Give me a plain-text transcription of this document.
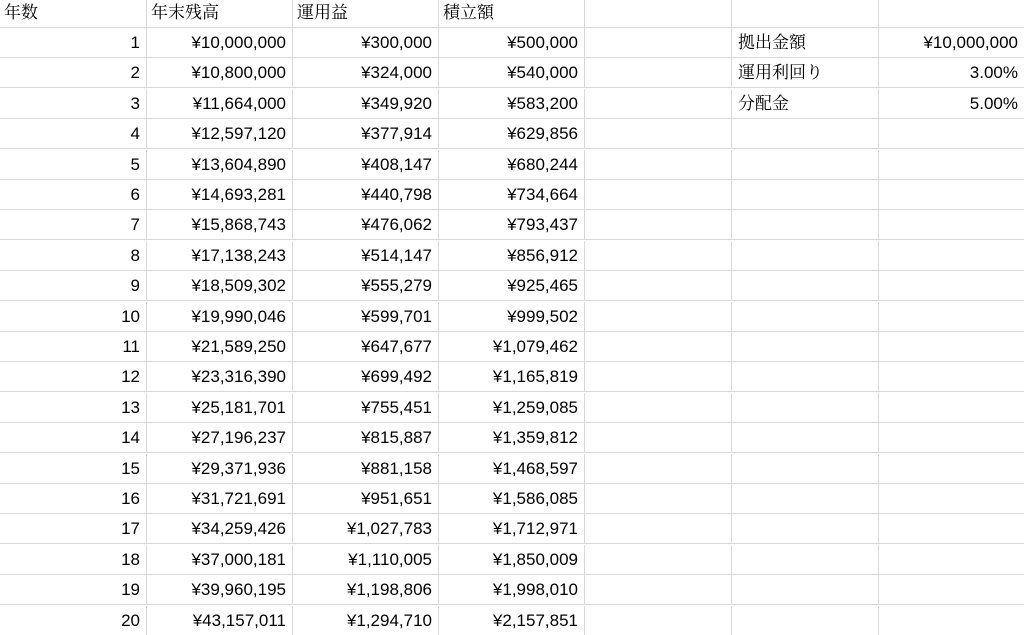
年数	年末残高	運用益	積立額
1	¥10,000,000	¥300,000	¥500,000	拠出金額	¥10,000,000
2	¥10,800,000	¥324,000	¥540,000	運用利回り	3.00%
3	¥11,664,000	¥349,920	¥583,200	分配金	5.00%
4	¥12,597,120	¥377,914	¥629,856
5	¥13,604,890	¥408,147	¥680,244
6	¥14,693,281	¥440,798	¥734,664
7	¥15,868,743	¥476,062	¥793,437
8	¥17,138,243	¥514,147	¥856,912
9	¥18,509,302	¥555,279	¥925,465
10	¥19,990,046	¥599,701	¥999,502
11	¥21,589,250	¥647,677	¥1,079,462
12	¥23,316,390	¥699,492	¥1,165,819
13	¥25,181,701	¥755,451	¥1,259,085
14	¥27,196,237	¥815,887	¥1,359,812
15	¥29,371,936	¥881,158	¥1,468,597
16	¥31,721,691	¥951,651	¥1,586,085
17	¥34,259,426	¥1,027,783	¥1,712,971
18	¥37,000,181	¥1,110,005	¥1,850,009
19	¥39,960,195	¥1,198,806	¥1,998,010
20	¥43,157,011	¥1,294,710	¥2,157,851
